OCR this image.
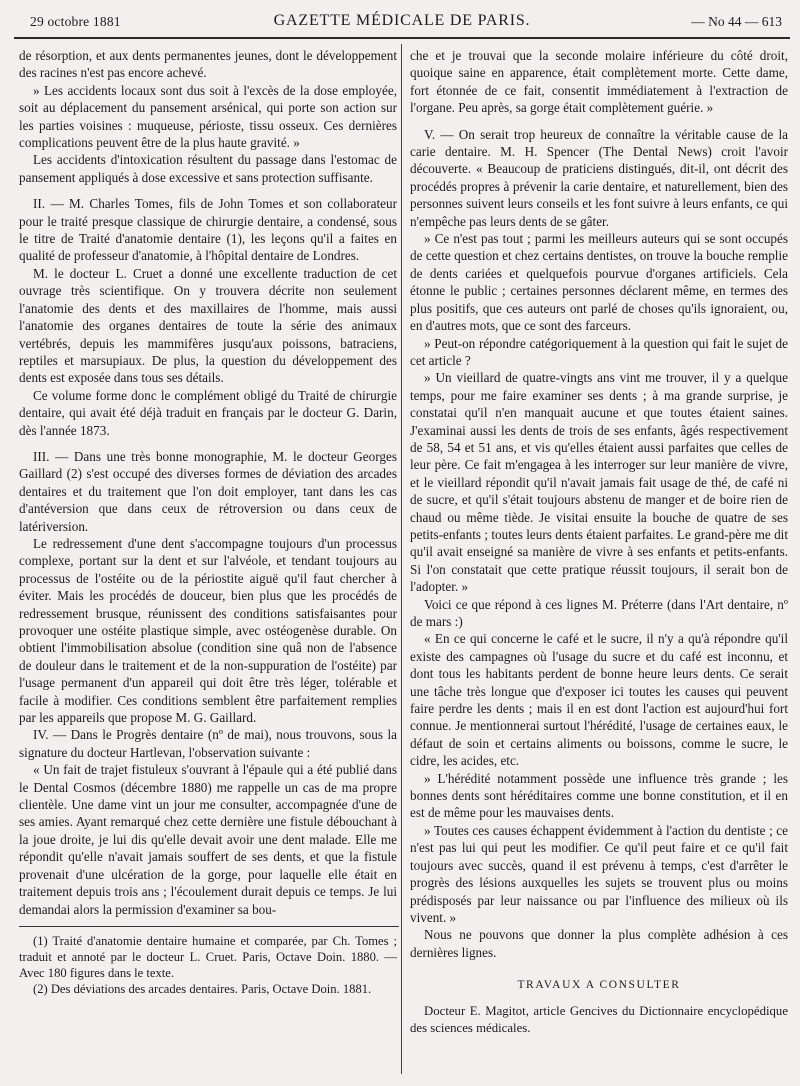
29 octobre 1881	GAZETTE MÉDICALE DE PARIS.	— No 44 — 613

de résorption, et aux dents permanentes jeunes, dont le développement des racines n'est pas encore achevé.

» Les accidents locaux sont dus soit à l'excès de la dose employée, soit au déplacement du pansement arsénical, qui porte son action sur les parties voisines : muqueuse, périoste, tissu osseux. Ces dernières complications peuvent être de la plus haute gravité. »

Les accidents d'intoxication résultent du passage dans l'estomac de pansement appliqués à dose excessive et sans protection suffisante.

II. — M. Charles Tomes, fils de John Tomes et son collaborateur pour le traité presque classique de chirurgie dentaire, a condensé, sous le titre de Traité d'anatomie dentaire (1), les leçons qu'il a faites en qualité de professeur d'anatomie, à l'hôpital dentaire de Londres.

M. le docteur L. Cruet a donné une excellente traduction de cet ouvrage très scientifique. On y trouvera décrite non seulement l'anatomie des dents et des maxillaires de l'homme, mais aussi l'anatomie des organes dentaires de toute la série des animaux vertébrés, depuis les mammifères jusqu'aux poissons, batraciens, reptiles et marsupiaux. De plus, la question du développement des dents est exposée dans tous ses détails.

Ce volume forme donc le complément obligé du Traité de chirurgie dentaire, qui avait été déjà traduit en français par le docteur G. Darin, dès l'année 1873.

III. — Dans une très bonne monographie, M. le docteur Georges Gaillard (2) s'est occupé des diverses formes de déviation des arcades dentaires et du traitement que l'on doit employer, tant dans les cas d'antéversion que dans ceux de rétroversion ou dans ceux de latériversion.

Le redressement d'une dent s'accompagne toujours d'un processus complexe, portant sur la dent et sur l'alvéole, et tendant toujours au processus de l'ostéite ou de la périostite aiguë qu'il faut chercher à éviter. Mais les procédés de douceur, bien plus que les procédés de redressement brusque, réunissent des conditions satisfaisantes pour provoquer une ostéite plastique simple, avec ostéogenèse durable. On obtient l'immobilisation absolue (condition sine quâ non de l'absence de douleur dans le traitement et de la non-suppuration de l'ostéite) par l'usage permanent d'un appareil qui doit être très léger, tolérable et facile à modifier. Ces conditions semblent être parfaitement remplies par les appareils que propose M. G. Gaillard.

IV. — Dans le Progrès dentaire (nº de mai), nous trouvons, sous la signature du docteur Hartlevan, l'observation suivante :

« Un fait de trajet fistuleux s'ouvrant à l'épaule qui a été publié dans le Dental Cosmos (décembre 1880) me rappelle un cas de ma propre clientèle. Une dame vint un jour me consulter, accompagnée d'une de ses amies. Ayant remarqué chez cette dernière une fistule débouchant à la joue droite, je lui dis qu'elle devait avoir une dent malade. Elle me répondit qu'elle n'avait jamais souffert de ses dents, et que la fistule provenait d'une ulcération de la gorge, pour laquelle elle était en traitement depuis trois ans ; l'écoulement durait depuis ce temps. Je lui demandai alors la permission d'examiner sa bou-

(1) Traité d'anatomie dentaire humaine et comparée, par Ch. Tomes ; traduit et annoté par le docteur L. Cruet. Paris, Octave Doin. 1880. — Avec 180 figures dans le texte.

(2) Des déviations des arcades dentaires. Paris, Octave Doin. 1881.

che et je trouvai que la seconde molaire inférieure du côté droit, quoique saine en apparence, était complètement morte. Cette dame, fort étonnée de ce fait, consentit immédiatement à l'extraction de l'organe. Peu après, sa gorge était complètement guérie. »

V. — On serait trop heureux de connaître la véritable cause de la carie dentaire. M. H. Spencer (The Dental News) croit l'avoir découverte. « Beaucoup de praticiens distingués, dit-il, ont décrit des procédés propres à prévenir la carie dentaire, et naturellement, bien des personnes suivent leurs conseils et les font suivre à leurs enfants, ce qui n'empêche pas leurs dents de se gâter.

» Ce n'est pas tout ; parmi les meilleurs auteurs qui se sont occupés de cette question et chez certains dentistes, on trouve la bouche remplie de dents cariées et quelquefois pourvue d'organes artificiels. Cela étonne le public ; certaines personnes déclarent même, en termes des plus positifs, que ces auteurs ont parlé de choses qu'ils ignoraient, ou, en d'autres mots, que ce sont des farceurs.

» Peut-on répondre catégoriquement à la question qui fait le sujet de cet article ?

» Un vieillard de quatre-vingts ans vint me trouver, il y a quelque temps, pour me faire examiner ses dents ; à ma grande surprise, je constatai qu'il n'en manquait aucune et que toutes étaient saines. J'examinai aussi les dents de trois de ses enfants, âgés respectivement de 58, 54 et 51 ans, et vis qu'elles étaient aussi parfaites que celles de leur père. Ce fait m'engagea à les interroger sur leur manière de vivre, et le vieillard répondit qu'il n'avait jamais fait usage de thé, de café ni de sucre, et qu'il s'était toujours abstenu de manger et de boire rien de chaud ou même tiède. Je visitai ensuite la bouche de quatre de ses petits-enfants ; toutes leurs dents étaient parfaites. Le grand-père me dit qu'il avait enseigné sa manière de vivre à ses enfants et petits-enfants. Si l'on constatait que cette pratique réussit toujours, il serait bon de l'adopter. »

Voici ce que répond à ces lignes M. Préterre (dans l'Art dentaire, nº de mars :)

« En ce qui concerne le café et le sucre, il n'y a qu'à répondre qu'il existe des campagnes où l'usage du sucre et du café est inconnu, et dont tous les habitants perdent de bonne heure leurs dents. Ce serait une tâche très longue que d'exposer ici toutes les causes qui peuvent faire perdre les dents ; mais il en est dont l'action est aujourd'hui fort connue. Je mentionnerai surtout l'hérédité, l'usage de certaines eaux, le défaut de soin et certains aliments ou boissons, comme le sucre, le cidre, les acides, etc.

» L'hérédité notamment possède une influence très grande ; les bonnes dents sont héréditaires comme une bonne constitution, et il en est de même pour les mauvaises dents.

» Toutes ces causes échappent évidemment à l'action du dentiste ; ce n'est pas lui qui peut les modifier. Ce qu'il peut faire et ce qu'il fait toujours avec succès, quand il est prévenu à temps, c'est d'arrêter le progrès des lésions auxquelles les sujets se trouvent plus ou moins prédisposés par leur naissance ou par l'influence des milieux où ils vivent. »

Nous ne pouvons que donner la plus complète adhésion à ces dernières lignes.

TRAVAUX A CONSULTER

Docteur E. Magitot, article Gencives du Dictionnaire encyclopédique des sciences médicales.
